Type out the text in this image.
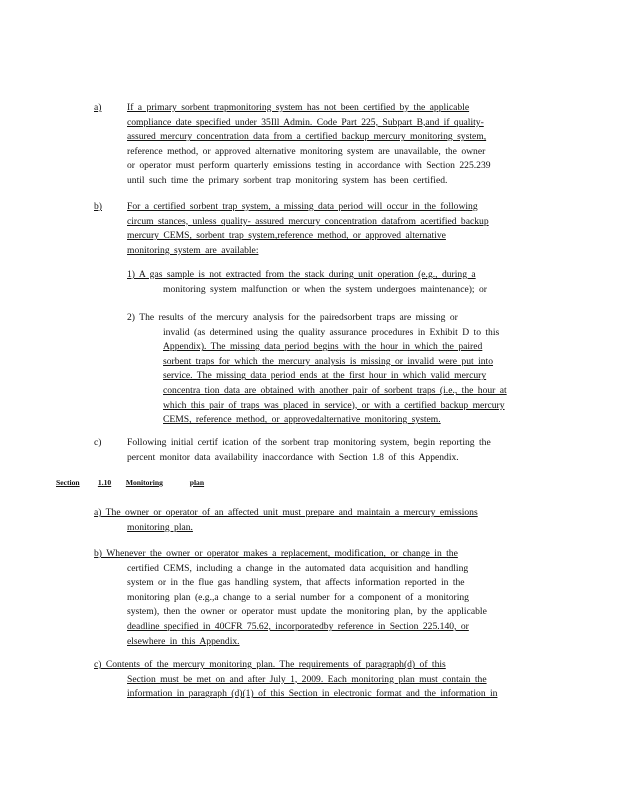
a)	If a primary sorbent trapmonitoring system has not been certified by the applicable
compliance date specified under 35Ill Admin. Code Part 225, Subpart B,and if quality-
assured mercury concentration data from a certified backup mercury monitoring system,
reference method, or approved alternative monitoring system are unavailable, the owner
or operator must perform quarterly emissions testing in accordance with Section 225.239
until such time the primary sorbent trap monitoring system has been certified.
b)	For a certified sorbent trap system, a missing data period will occur in the following
circum stances, unless quality- assured mercury concentration datafrom acertified backup
mercury CEMS, sorbent trap system,reference method, or approved alternative
monitoring system are available:
1) A gas sample is not extracted from the stack during unit operation (e.g., during a
monitoring system malfunction or when the system undergoes maintenance); or
2) The results of the mercury analysis for the pairedsorbent traps are missing or
invalid (as determined using the quality assurance procedures in Exhibit D to this
Appendix). The missing data period begins with the hour in which the paired
sorbent traps for which the mercury analysis is missing or invalid were put into
service. The missing data period ends at the first hour in which valid mercury
concentra tion data are obtained with another pair of sorbent traps (i.e., the hour at
which this pair of traps was placed in service), or with a certified backup mercury
CEMS, reference method, or approvedalternative monitoring system.
c)	Following initial certif ication of the sorbent trap monitoring system, begin reporting the
percent monitor data availability inaccordance with Section 1.8 of this Appendix.
Section 1.10 Monitoring	plan
a) The owner or operator of an affected unit must prepare and maintain a mercury emissions
monitoring plan.
b) Whenever the owner or operator makes a replacement, modification, or change in the
certified CEMS, including a change in the automated data acquisition and handling
system or in the flue gas handling system, that affects information reported in the
monitoring plan (e.g.,a change to a serial number for a component of a monitoring
system), then the owner or operator must update the monitoring plan, by the applicable
deadline specified in 40CFR 75.62, incorporatedby reference in Section 225.140, or
elsewhere in this Appendix.
c) Contents of the mercury monitoring plan. The requirements of paragraph(d) of this
Section must be met on and after July 1, 2009. Each monitoring plan must contain the
information in paragraph (d)(1) of this Section in electronic format and the information in
